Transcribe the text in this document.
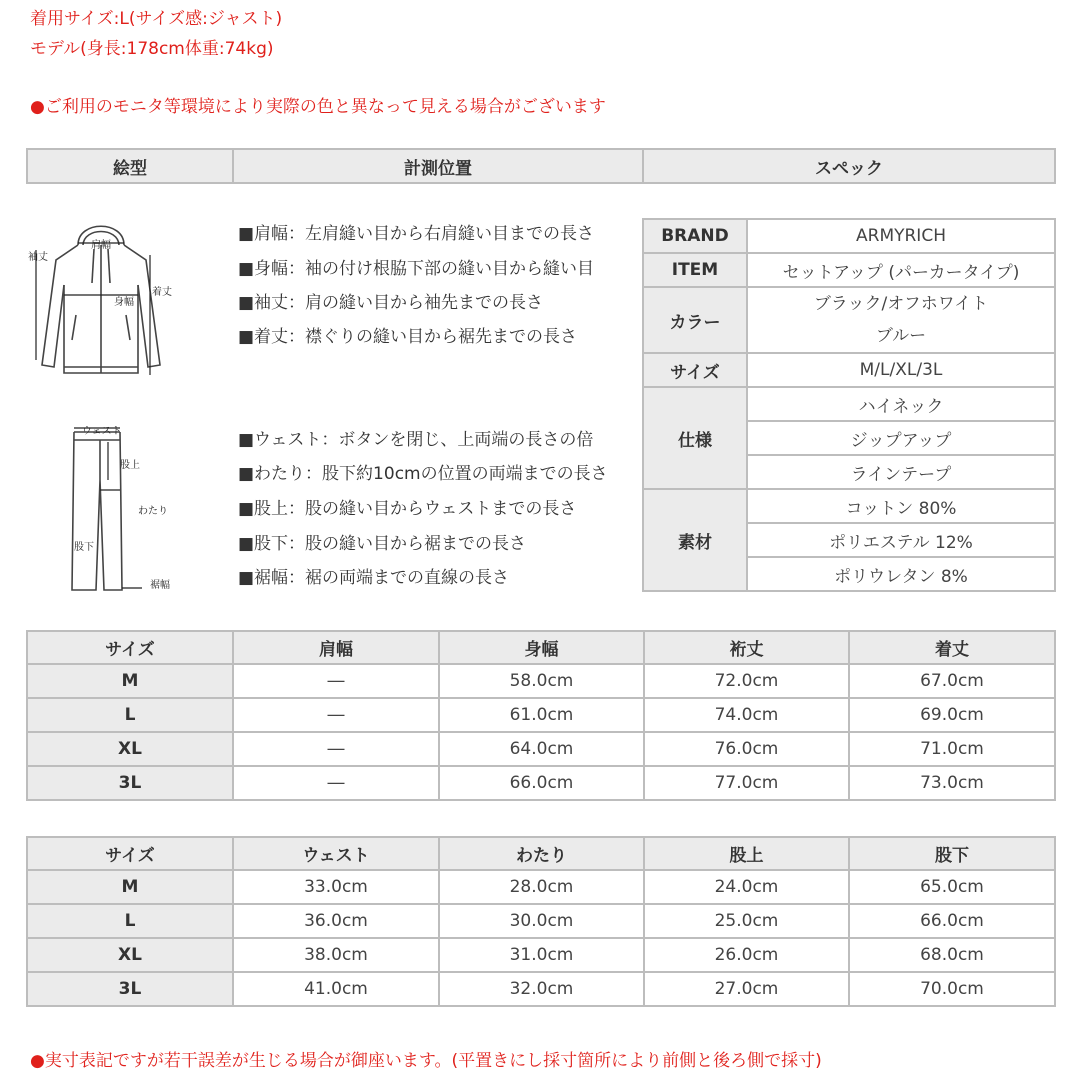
着用サイズ:L(サイズ感:ジャスト)
モデル(身長:178cm体重:74kg)
●ご利用のモニタ等環境により実際の色と異なって見える場合がございます
絵型	計測位置	スペック
肩幅
身幅
袖丈
着丈
ウェスト
股上
わたり
股下
裾幅
■肩幅：左肩縫い目から右肩縫い目までの長さ
■身幅：袖の付け根脇下部の縫い目から縫い目
■袖丈：肩の縫い目から袖先までの長さ
■着丈：襟ぐりの縫い目から裾先までの長さ
■ウェスト：ボタンを閉じ、上両端の長さの倍
■わたり：股下約10cmの位置の両端までの長さ
■股上：股の縫い目からウェストまでの長さ
■股下：股の縫い目から裾までの長さ
■裾幅：裾の両端までの直線の長さ
BRAND	ARMYRICH
ITEM	セットアップ (パーカータイプ)
カラー	ブラック/オフホワイト
ブルー

サイズ	M/L/XL/3L
仕様	ハイネック
	ジップアップ
	ラインテープ
素材	コットン 80%
	ポリエステル 12%
	ポリウレタン 8%
サイズ	肩幅	身幅	裄丈	着丈
M	―	58.0cm	72.0cm	67.0cm
L	―	61.0cm	74.0cm	69.0cm
XL	―	64.0cm	76.0cm	71.0cm
3L	―	66.0cm	77.0cm	73.0cm
サイズ	ウェスト	わたり	股上	股下
M	33.0cm	28.0cm	24.0cm	65.0cm
L	36.0cm	30.0cm	25.0cm	66.0cm
XL	38.0cm	31.0cm	26.0cm	68.0cm
3L	41.0cm	32.0cm	27.0cm	70.0cm
●実寸表記ですが若干誤差が生じる場合が御座います。(平置きにし採寸箇所により前側と後ろ側で採寸)
